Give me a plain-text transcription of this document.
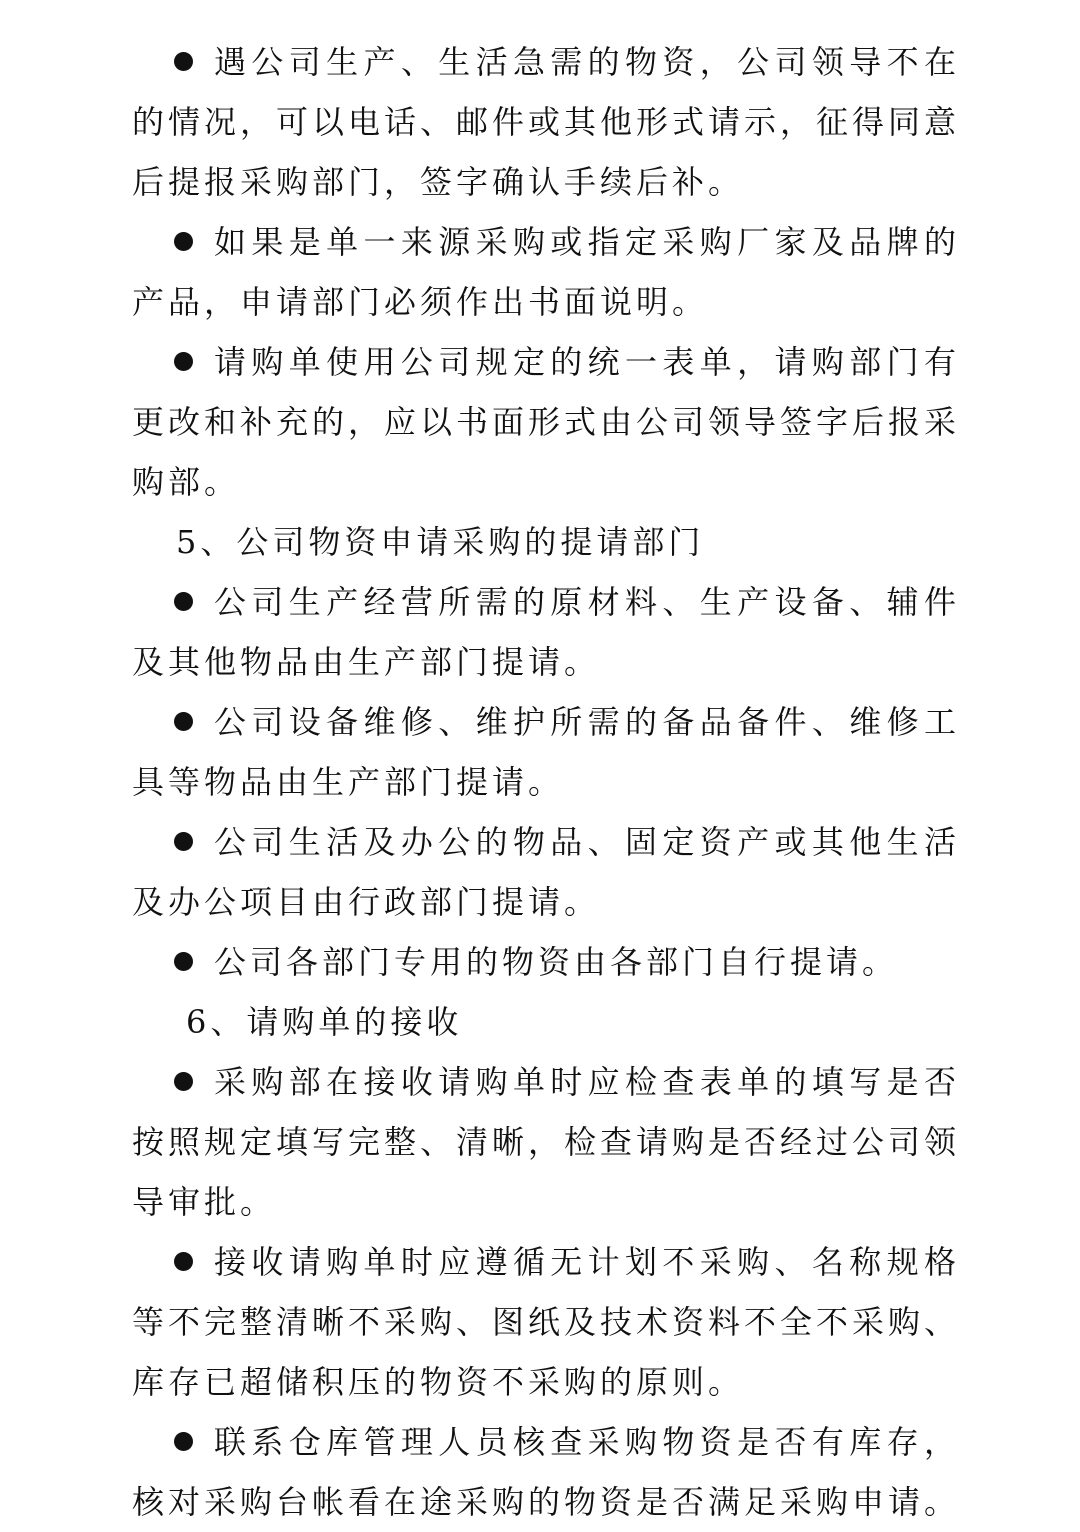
遇公司生产、生活急需的物资，公司领导不在的情况，可以电话、邮件或其他形式请示，征得同意后提报采购部门，签字确认手续后补。
如果是单一来源采购或指定采购厂家及品牌的产品，申请部门必须作出书面说明。
请购单使用公司规定的统一表单，请购部门有更改和补充的，应以书面形式由公司领导签字后报采购部。
5、公司物资申请采购的提请部门
公司生产经营所需的原材料、生产设备、辅件及其他物品由生产部门提请。
公司设备维修、维护所需的备品备件、维修工具等物品由生产部门提请。
公司生活及办公的物品、固定资产或其他生活及办公项目由行政部门提请。
公司各部门专用的物资由各部门自行提请。
6、请购单的接收
采购部在接收请购单时应检查表单的填写是否按照规定填写完整、清晰，检查请购是否经过公司领导审批。
接收请购单时应遵循无计划不采购、名称规格等不完整清晰不采购、图纸及技术资料不全不采购、库存已超储积压的物资不采购的原则。
联系仓库管理人员核查采购物资是否有库存，核对采购台帐看在途采购的物资是否满足采购申请。
